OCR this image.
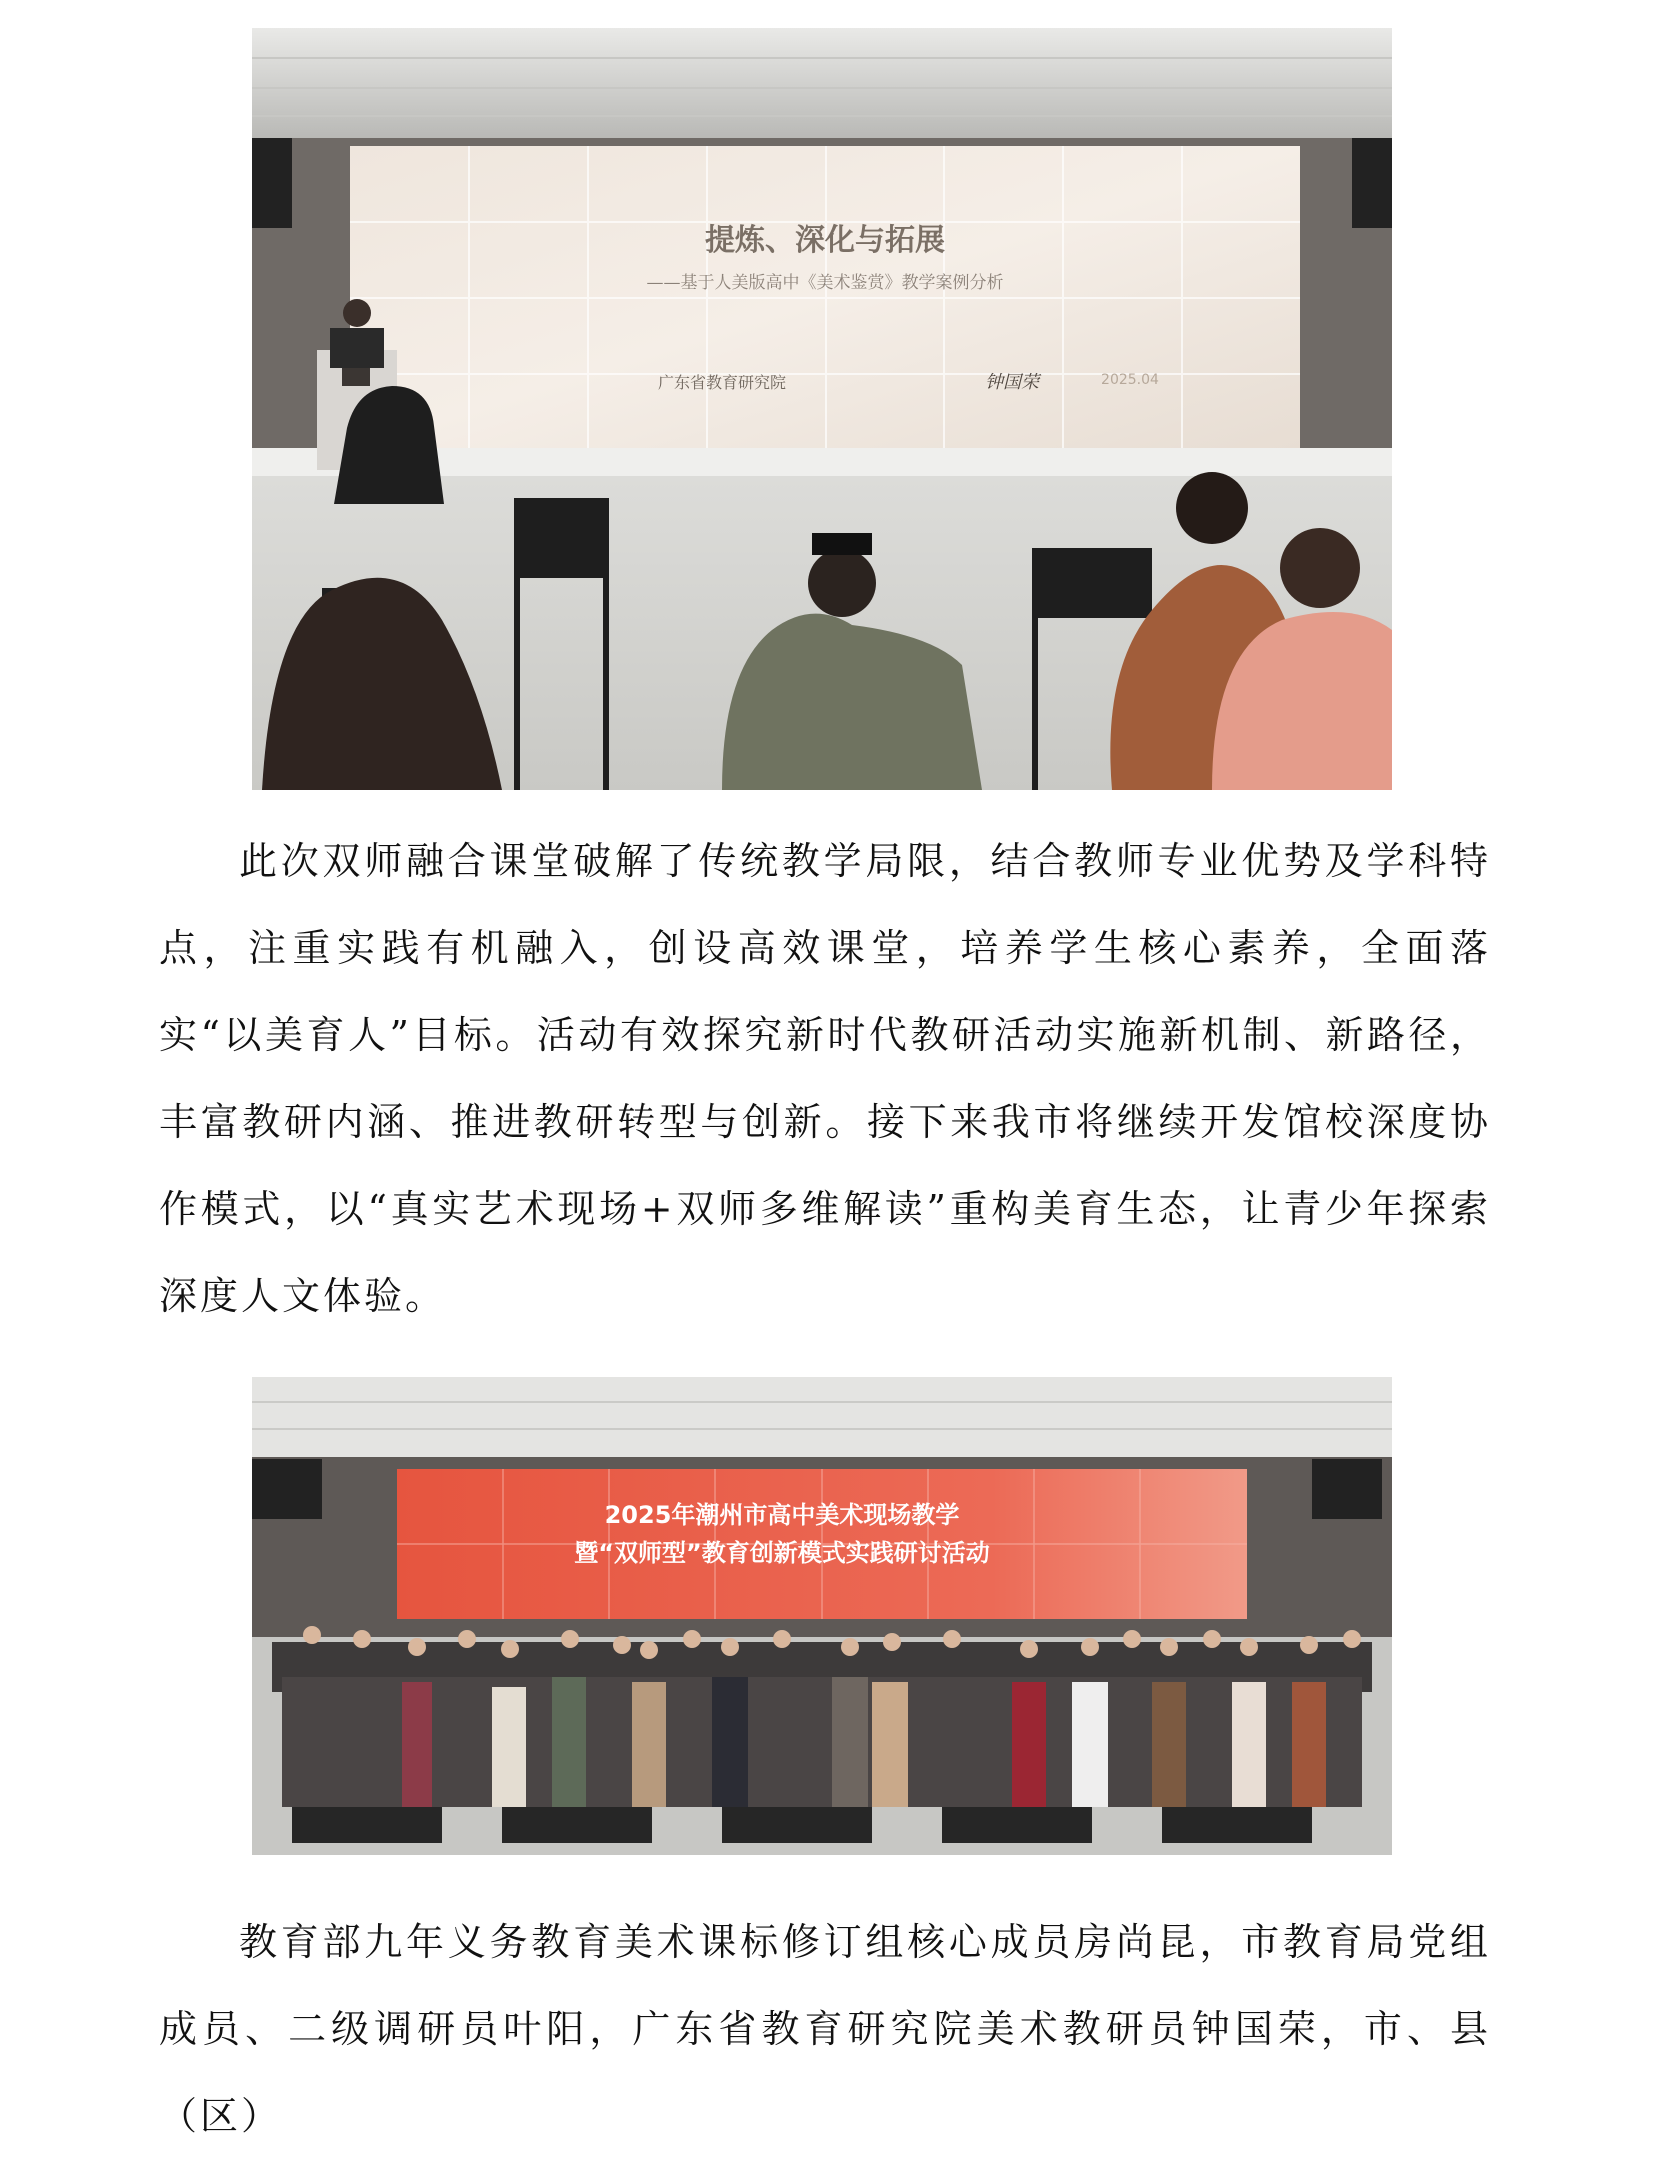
提炼、深化与拓展
——基于人美版高中《美术鉴赏》教学案例分析
广东省教育研究院	钟国荣	2025.04

此次双师融合课堂破解了传统教学局限，结合教师专业优势及学科特点，注重实践有机融入，创设高效课堂，培养学生核心素养，全面落实“以美育人”目标。活动有效探究新时代教研活动实施新机制、新路径，丰富教研内涵、推进教研转型与创新。接下来我市将继续开发馆校深度协作模式，以“真实艺术现场+双师多维解读”重构美育生态，让青少年探索深度人文体验。

2025年潮州市高中美术现场教学
暨“双师型”教育创新模式实践研讨活动

教育部九年义务教育美术课标修订组核心成员房尚昆，市教育局党组成员、二级调研员叶阳，广东省教育研究院美术教研员钟国荣，市、县（区）
